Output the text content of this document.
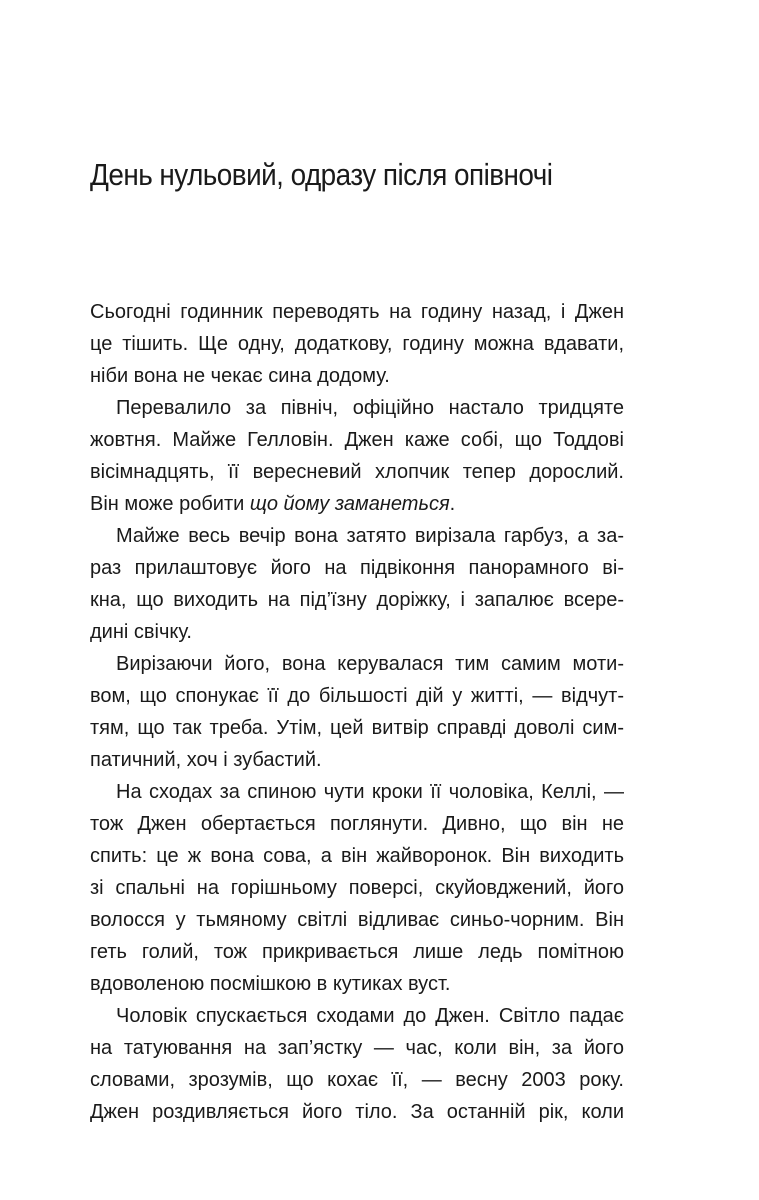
День нульовий, одразу після опівночі
Сьогодні годинник переводять на годину назад, і Джен
це тішить. Ще одну, додаткову, годину можна вдавати,
ніби вона не чекає сина додому.
Перевалило за північ, офіційно настало тридцяте
жовтня. Майже Гелловін. Джен каже собі, що Тоддові
вісімнадцять, її вересневий хлопчик тепер дорослий.
Він може робити що йому заманеться.
Майже весь вечір вона затято вирізала гарбуз, а за-
раз прилаштовує його на підвіконня панорамного ві-
кна, що виходить на під’їзну доріжку, і запалює всере-
дині свічку.
Вирізаючи його, вона керувалася тим самим моти-
вом, що спонукає її до більшості дій у житті, — відчут-
тям, що так треба. Утім, цей витвір справді доволі сим-
патичний, хоч і зубастий.
На сходах за спиною чути кроки її чоловіка, Келлі, —
тож Джен обертається поглянути. Дивно, що він не
спить: це ж вона сова, а він жайворонок. Він виходить
зі спальні на горішньому поверсі, скуйовджений, його
волосся у тьмяному світлі відливає синьо-чорним. Він
геть голий, тож прикривається лише ледь помітною
вдоволеною посмішкою в кутиках вуст.
Чоловік спускається сходами до Джен. Світло падає
на татуювання на зап’ястку — час, коли він, за його
словами, зрозумів, що кохає її, — весну 2003 року.
Джен роздивляється його тіло. За останній рік, коли
